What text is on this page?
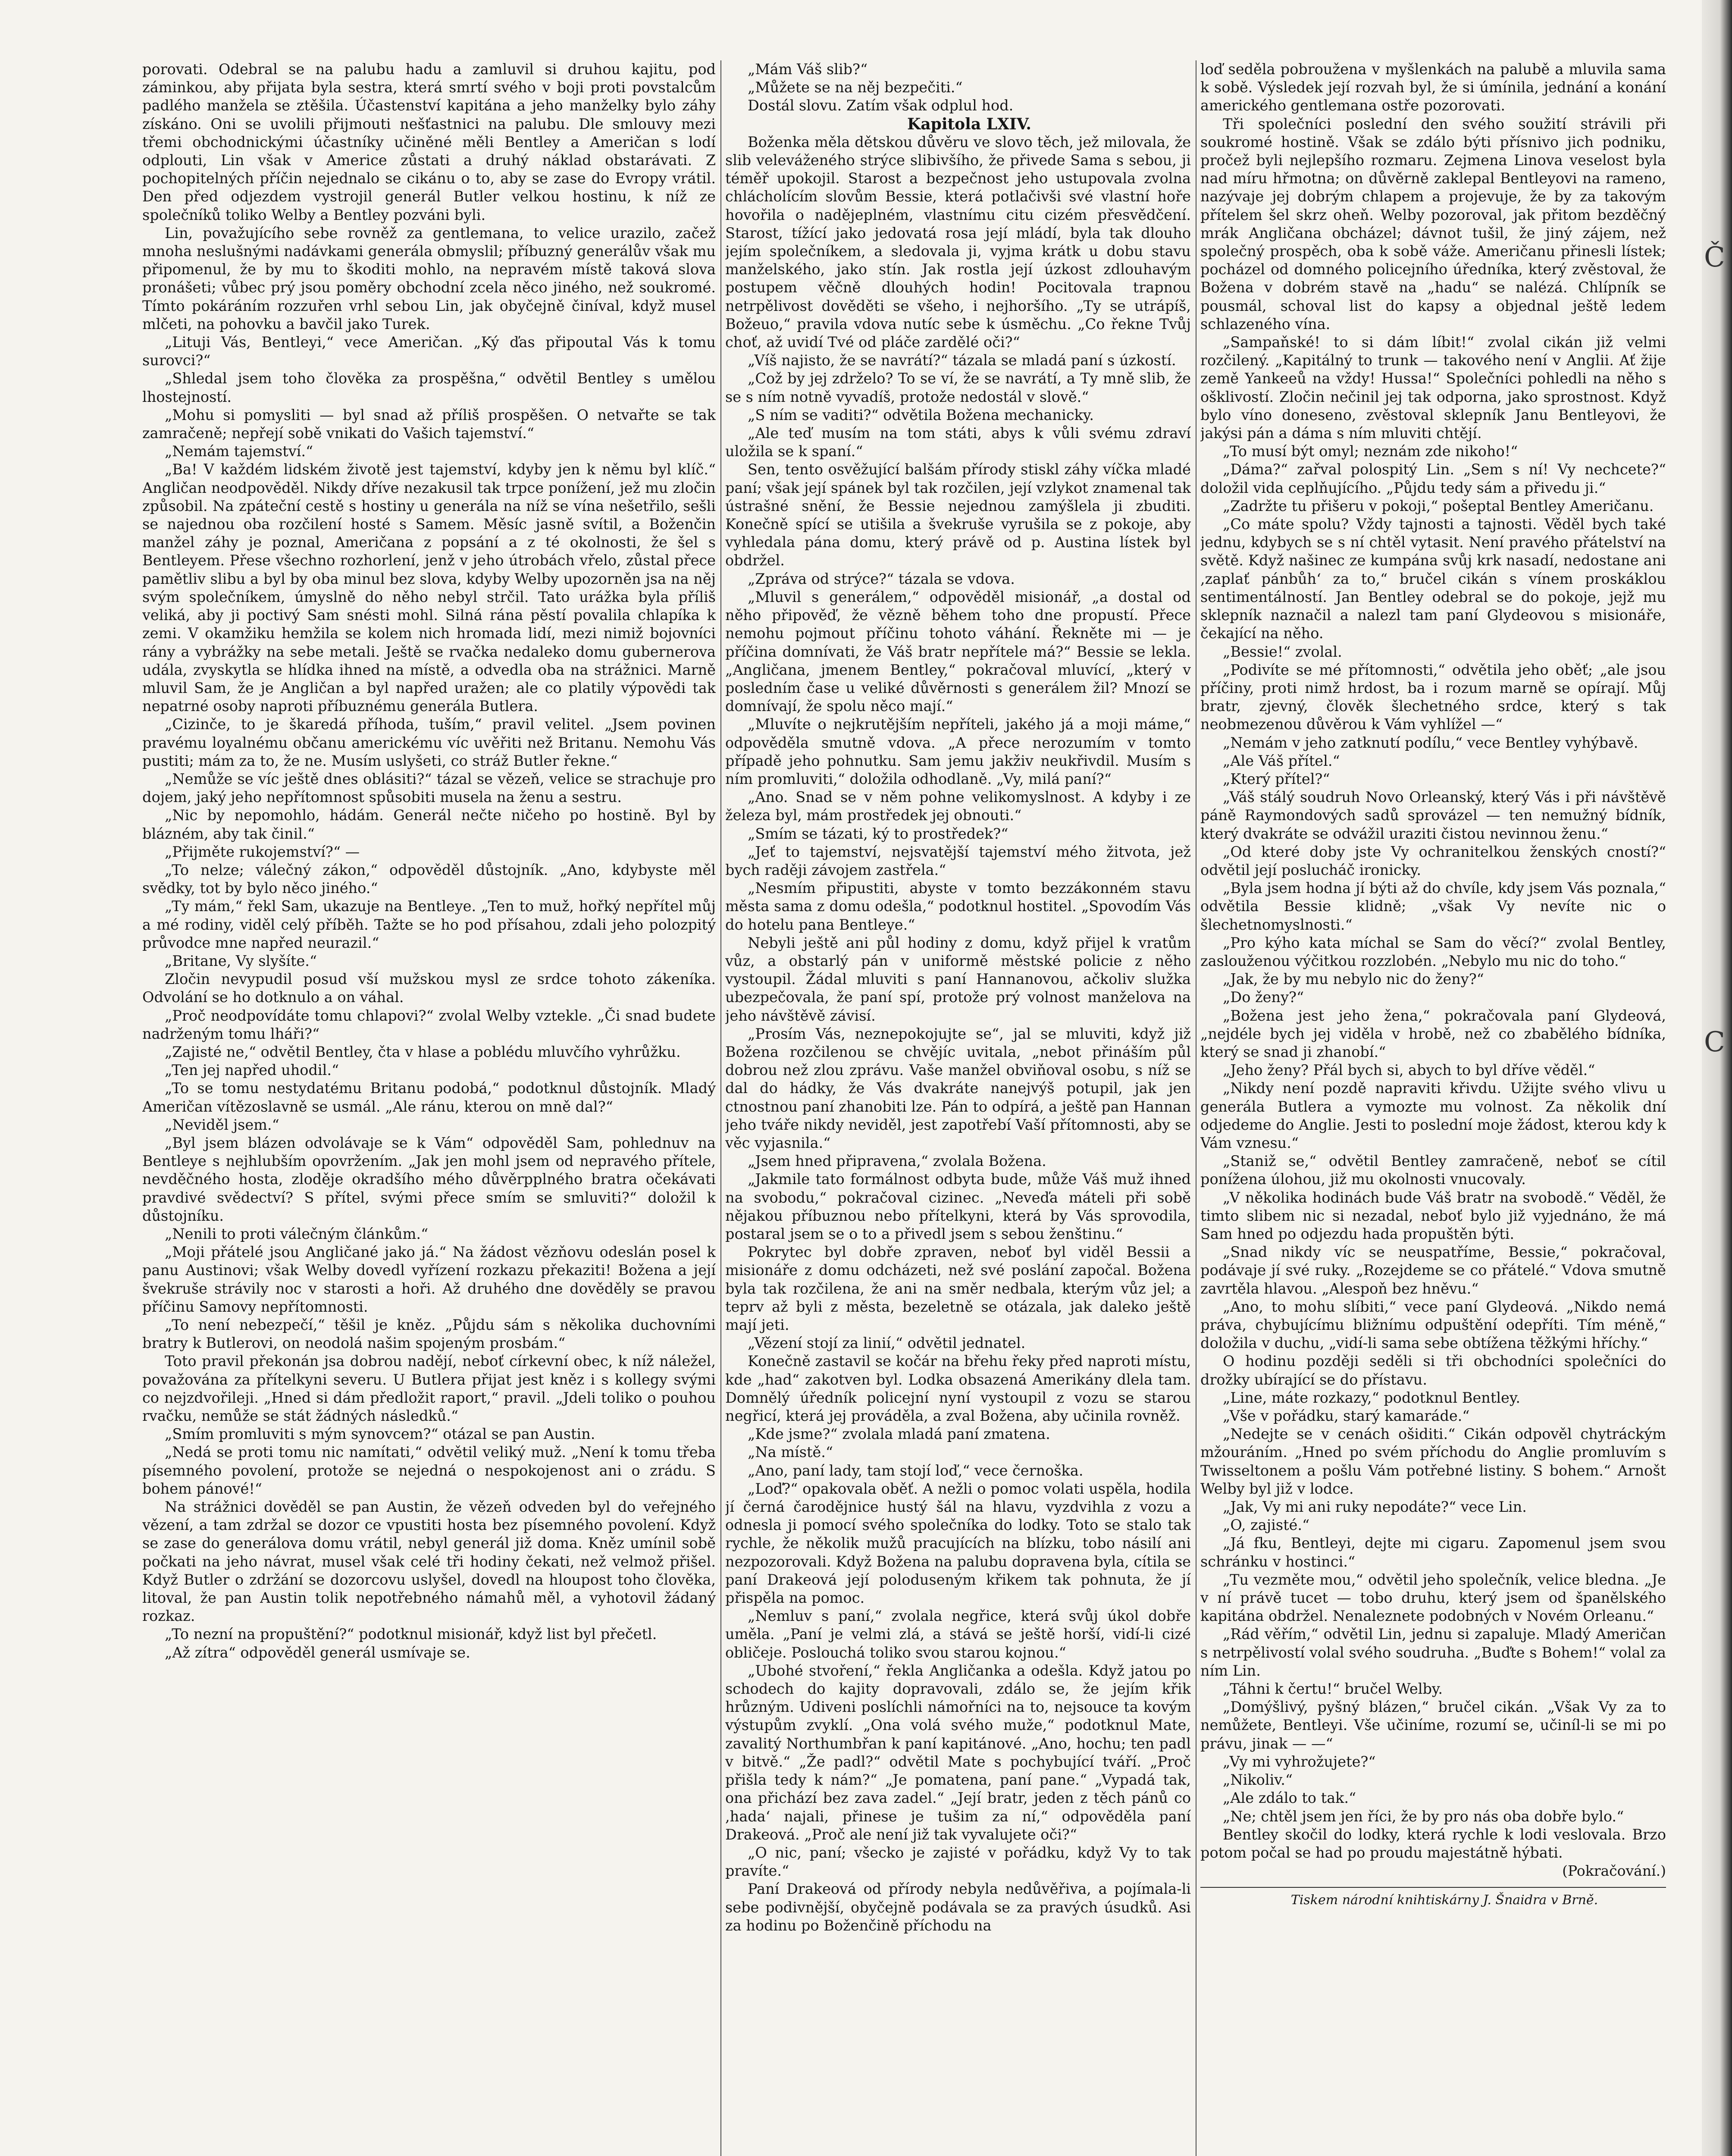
porovati. Odebral se na palubu hadu a zamluvil si druhou kajitu, pod záminkou, aby přijata byla sestra, která smrtí svého v boji proti povstalcům padlého manžela se ztěšila. Účastenství kapitána a jeho manželky bylo záhy získáno. Oni se uvolili přijmouti nešťastnici na palubu. Dle smlouvy mezi třemi obchodnickými účastníky učiněné měli Bentley a Američan s lodí odplouti, Lin však v Americe zůstati a druhý náklad obstarávati. Z pochopitelných příčin nejednalo se cikánu o to, aby se zase do Evropy vrátil. Den před odjezdem vystrojil generál Butler velkou hostinu, k níž ze společníků toliko Welby a Bentley pozváni byli.

Lin, považujícího sebe rovněž za gentlemana, to velice urazilo, začež mnoha neslušnými nadávkami generála obmyslil; příbuzný generálův však mu připomenul, že by mu to škoditi mohlo, na nepravém místě taková slova pronášeti; vůbec prý jsou poměry obchodní zcela něco jiného, než soukromé. Tímto pokáráním rozzuřen vrhl sebou Lin, jak obyčejně činíval, když musel mlčeti, na pohovku a bavčil jako Turek.

„Lituji Vás, Bentleyi,“ vece Američan. „Ký ďas připoutal Vás k tomu surovci?“

„Shledal jsem toho člověka za prospěšna,“ odvětil Bentley s umělou lhostejností.

„Mohu si pomysliti — byl snad až příliš prospěšen. O netvařte se tak zamračeně; nepřejí sobě vnikati do Vašich tajemství.“

„Nemám tajemství.“

„Ba! V každém lidském životě jest tajemství, kdyby jen k němu byl klíč.“ Angličan neodpověděl. Nikdy dříve nezakusil tak trpce ponížení, jež mu zločin způsobil. Na zpáteční cestě s hostiny u generála na níž se vína nešetřilo, sešli se najednou oba rozčilení hosté s Samem. Měsíc jasně svítil, a Boženčin manžel záhy je poznal, Američana z popsání a z té okolnosti, že šel s Bentleyem. Přese všechno rozhorlení, jenž v jeho útrobách vřelo, zůstal přece pamětliv slibu a byl by oba minul bez slova, kdyby Welby upozorněn jsa na něj svým společníkem, úmyslně do něho nebyl strčil. Tato urážka byla příliš veliká, aby ji poctivý Sam snésti mohl. Silná rána pěstí povalila chlapíka k zemi. V okamžiku hemžila se kolem nich hromada lidí, mezi nimiž bojovníci rány a vybrážky na sebe metali. Ještě se rvačka nedaleko domu gubernerova udála, zvyskytla se hlídka ihned na místě, a odvedla oba na strážnici. Marně mluvil Sam, že je Angličan a byl napřed uražen; ale co platily výpovědi tak nepatrné osoby naproti příbuznému generála Butlera.

„Cizinče, to je škaredá příhoda, tuším,“ pravil velitel. „Jsem povinen pravému loyalnému občanu americkému víc uvěřiti než Britanu. Nemohu Vás pustiti; mám za to, že ne. Musím uslyšeti, co stráž Butler řekne.“

„Nemůže se víc ještě dnes oblásiti?“ tázal se vězeň, velice se strachuje pro dojem, jaký jeho nepřítomnost spůsobiti musela na ženu a sestru.

„Nic by nepomohlo, hádám. Generál nečte ničeho po hostině. Byl by blázném, aby tak činil.“

„Přijměte rukojemství?“ —

„To nelze; válečný zákon,“ odpověděl důstojník. „Ano, kdybyste měl svědky, tot by bylo něco jiného.“

„Ty mám,“ řekl Sam, ukazuje na Bentleye. „Ten to muž, hořký nepřítel můj a mé rodiny, viděl celý příběh. Tažte se ho pod přísahou, zdali jeho polozpitý průvodce mne napřed neurazil.“

„Britane, Vy slyšíte.“

Zločin nevypudil posud vší mužskou mysl ze srdce tohoto zákeníka. Odvolání se ho dotknulo a on váhal.

„Proč neodpovídáte tomu chlapovi?“ zvolal Welby vztekle. „Či snad budete nadrženým tomu lháři?“

„Zajisté ne,“ odvětil Bentley, čta v hlase a poblédu mluvčího vyhrůžku.

„Ten jej napřed uhodil.“

„To se tomu nestydatému Britanu podobá,“ podotknul důstojník. Mladý Američan vítězoslavně se usmál. „Ale ránu, kterou on mně dal?“

„Neviděl jsem.“

„Byl jsem blázen odvolávaje se k Vám“ odpověděl Sam, pohlednuv na Bentleye s nejhlubším opovržením. „Jak jen mohl jsem od nepravého přítele, nevděčného hosta, zloděje okradšího mého důvěrpplného bratra očekávati pravdivé svědectví? S přítel, svými přece smím se smluviti?“ doložil k důstojníku.

„Nenili to proti válečným článkům.“

„Moji přátelé jsou Angličané jako já.“ Na žádost vězňovu odeslán posel k panu Austinovi; však Welby dovedl vyřízení rozkazu překaziti! Božena a její švekruše strávily noc v starosti a hoři. Až druhého dne dověděly se pravou příčinu Samovy nepřítomnosti.

„To není nebezpečí,“ těšil je kněz. „Půjdu sám s několika duchovními bratry k Butlerovi, on neodolá našim spojeným prosbám.“

Toto pravil překonán jsa dobrou nadějí, neboť církevní obec, k níž náležel, považována za přítelkyni severu. U Butlera přijat jest kněz i s kollegy svými co nejzdvořileji. „Hned si dám předložit raport,“ pravil. „Jdeli toliko o pouhou rvačku, nemůže se stát žádných následků.“

„Smím promluviti s mým synovcem?“ otázal se pan Austin.

„Nedá se proti tomu nic namítati,“ odvětil veliký muž. „Není k tomu třeba písemného povolení, protože se nejedná o nespokojenost ani o zrádu. S bohem pánové!“

Na strážnici dověděl se pan Austin, že vězeň odveden byl do veřejného vězení, a tam zdržal se dozor ce vpustiti hosta bez písemného povolení. Když se zase do generálova domu vrátil, nebyl generál již doma. Kněz umínil sobě počkati na jeho návrat, musel však celé tři hodiny čekati, než velmož přišel. Když Butler o zdržání se dozorcovu uslyšel, dovedl na hloupost toho člověka, litoval, že pan Austin tolik nepotřebného námahů měl, a vyhotovil žádaný rozkaz.

„To nezní na propuštění?“ podotknul misionář, když list byl přečetl.

„Až zítra“ odpověděl generál usmívaje se.

„Mám Váš slib?“

„Můžete se na něj bezpečiti.“

Dostál slovu. Zatím však odplul hod.

Kapitola LXIV.

Boženka měla dětskou důvěru ve slovo těch, jež milovala, že slib veleváženého strýce slibivšího, že přivede Sama s sebou, ji téměř upokojil. Starost a bezpečnost jeho ustupovala zvolna chlácholícím slovům Bessie, která potlačivši své vlastní hoře hovořila o nadějeplném, vlastnímu citu cizém přesvědčení. Starost, tížící jako jedovatá rosa její mládí, byla tak dlouho jejím společníkem, a sledovala ji, vyjma krátk u dobu stavu manželského, jako stín. Jak rostla její úzkost zdlouhavým postupem věčně dlouhých hodin! Pocitovala trapnou netrpělivost dověděti se všeho, i nejhoršího. „Ty se utrápíš, Božeuo,“ pravila vdova nutíc sebe k úsměchu. „Co řekne Tvůj choť, až uvidí Tvé od pláče zardělé oči?“

„Víš najisto, že se navrátí?“ tázala se mladá paní s úzkostí.

„Což by jej zdrželo? To se ví, že se navrátí, a Ty mně slib, že se s ním notně vyvadíš, protože nedostál v slově.“

„S ním se vaditi?“ odvětila Božena mechanicky.

„Ale teď musím na tom státi, abys k vůli svému zdraví uložila se k spaní.“

Sen, tento osvěžující balšám přírody stiskl záhy víčka mladé paní; však její spánek byl tak rozčilen, její vzlykot znamenal tak ústrašné snění, že Bessie nejednou zamýšlela ji zbuditi. Konečně spící se utišila a švekruše vyrušila se z pokoje, aby vyhledala pána domu, který právě od p. Austina lístek byl obdržel.

„Zpráva od strýce?“ tázala se vdova.

„Mluvil s generálem,“ odpověděl misionář, „a dostal od něho připověď, že vězně během toho dne propustí. Přece nemohu pojmout příčinu tohoto váhání. Řekněte mi — je příčina domnívati, že Váš bratr nepřítele má?“ Bessie se lekla. „Angličana, jmenem Bentley,“ pokračoval mluvící, „který v posledním čase u veliké důvěrnosti s generálem žil? Mnozí se domnívají, že spolu něco mají.“

„Mluvíte o nejkrutějším nepříteli, jakého já a moji máme,“ odpověděla smutně vdova. „A přece nerozumím v tomto případě jeho pohnutku. Sam jemu jakživ neukřivdil. Musím s ním promluviti,“ doložila odhodlaně. „Vy, milá paní?“

„Ano. Snad se v něm pohne velikomyslnost. A kdyby i ze železa byl, mám prostředek jej obnouti.“

„Smím se tázati, ký to prostředek?“

„Jeť to tajemství, nejsvatější tajemství mého žitvota, jež bych raději závojem zastřela.“

„Nesmím připustiti, abyste v tomto bezzákonném stavu města sama z domu odešla,“ podotknul hostitel. „Spovodím Vás do hotelu pana Bentleye.“

Nebyli ještě ani půl hodiny z domu, když přijel k vratům vůz, a obstarlý pán v uniformě městské policie z něho vystoupil. Žádal mluviti s paní Hannanovou, ačkoliv služka ubezpečovala, že paní spí, protože prý volnost manželova na jeho návštěvě závisí.

„Prosím Vás, neznepokojujte se“, jal se mluviti, když již Božena rozčilenou se chvějíc uvitala, „nebot přináším půl dobrou než zlou zprávu. Vaše manžel obviňoval osobu, s níž se dal do hádky, že Vás dvakráte nanejvýš potupil, jak jen ctnostnou paní zhanobiti lze. Pán to odpírá, a ještě pan Hannan jeho tváře nikdy neviděl, jest zapotřebí Vaší přítomnosti, aby se věc vyjasnila.“

„Jsem hned připravena,“ zvolala Božena.

„Jakmile tato formálnost odbyta bude, může Váš muž ihned na svobodu,“ pokračoval cizinec. „Neveďa máteli při sobě nějakou příbuznou nebo přítelkyni, která by Vás sprovodila, postaral jsem se o to a přivedl jsem s sebou ženštinu.“

Pokrytec byl dobře zpraven, neboť byl viděl Bessii a misionáře z domu odcházeti, než své poslání započal. Božena byla tak rozčilena, že ani na směr nedbala, kterým vůz jel; a teprv až byli z města, bezeletně se otázala, jak daleko ještě mají jeti.

„Vězení stojí za linií,“ odvětil jednatel.

Konečně zastavil se kočár na břehu řeky před naproti místu, kde „had“ zakotven byl. Lodka obsazená Amerikány dlela tam. Domnělý úředník policejní nyní vystoupil z vozu se starou negřicí, která jej prováděla, a zval Božena, aby učinila rovněž.

„Kde jsme?“ zvolala mladá paní zmatena.

„Na místě.“

„Ano, paní lady, tam stojí loď,“ vece černoška.

„Loď?“ opakovala oběť. A nežli o pomoc volati uspěla, hodila jí černá čarodějnice hustý šál na hlavu, vyzdvihla z vozu a odnesla ji pomocí svého společníka do lodky. Toto se stalo tak rychle, že několik mužů pracujících na blízku, tobo násilí ani nezpozorovali. Když Božena na palubu dopravena byla, cítila se paní Drakeová její poloduseným křikem tak pohnuta, že jí přispěla na pomoc.

„Nemluv s paní,“ zvolala negřice, která svůj úkol dobře uměla. „Paní je velmi zlá, a stává se ještě horší, vidí-li cizé obličeje. Poslouchá toliko svou starou kojnou.“

„Ubohé stvoření,“ řekla Angličanka a odešla. Když jatou po schodech do kajity dopravovali, zdálo se, že jejím křik hrůzným. Udiveni poslíchli námořníci na to, nejsouce ta kovým výstupům zvyklí. „Ona volá svého muže,“ podotknul Mate, zavalitý Northumbřan k paní kapitánové. „Ano, hochu; ten padl v bitvě.“ „Že padl?“ odvětil Mate s pochybující tváří. „Proč přišla tedy k nám?“ „Je pomatena, paní pane.“ „Vypadá tak, ona přichází bez zava zadel.“ „Její bratr, jeden z těch pánů co ,hada‘ najali, přinese je tušim za ní,“ odpověděla paní Drakeová. „Proč ale není již tak vyvalujete oči?“

„O nic, paní; všecko je zajisté v pořádku, když Vy to tak pravíte.“

Paní Drakeová od přírody nebyla nedůvěřiva, a pojímala-li sebe podivnější, obyčejně podávala se za pravých úsudků. Asi za hodinu po Boženčině příchodu na

loď seděla pobroužena v myšlenkách na palubě a mluvila sama k sobě. Výsledek její rozvah byl, že si úmínila, jednání a konání amerického gentlemana ostře pozorovati.

Tři společníci poslední den svého soužití strávili při soukromé hostině. Však se zdálo býti přísnivo jich podniku, pročež byli nejlepšího rozmaru. Zejmena Linova veselost byla nad míru hřmotna; on důvěrně zaklepal Bentleyovi na rameno, nazývaje jej dobrým chlapem a projevuje, že by za takovým přítelem šel skrz oheň. Welby pozoroval, jak přitom bezděčný mrák Angličana obcházel; dávnot tušil, že jiný zájem, než společný prospěch, oba k sobě váže. Američanu přinesli lístek; pocházel od domného policejního úředníka, který zvěstoval, že Božena v dobrém stavě na „hadu“ se nalézá. Chlípník se pousmál, schoval list do kapsy a objednal ještě ledem schlazeného vína.

„Sampaňské! to si dám líbit!“ zvolal cikán již velmi rozčilený. „Kapitálný to trunk — takového není v Anglii. Ať žije země Yankeeů na vždy! Hussa!“ Společníci pohledli na něho s ošklivostí. Zločin nečinil jej tak odporna, jako sprostnost. Když bylo víno doneseno, zvěstoval sklepník Janu Bentleyovi, že jakýsi pán a dáma s ním mluviti chtějí.

„To musí být omyl; neznám zde nikoho!“

„Dáma?“ zařval polospitý Lin. „Sem s ní! Vy nechcete?“ doložil vida ceplňujícího. „Půjdu tedy sám a přivedu ji.“

„Zadržte tu přišeru v pokoji,“ pošeptal Bentley Američanu.

„Co máte spolu? Vždy tajnosti a tajnosti. Věděl bych také jednu, kdybych se s ní chtěl vytasit. Není pravého přátelství na světě. Když našinec ze kumpána svůj krk nasadí, nedostane ani ,zaplať pánbůh‘ za to,“ bručel cikán s vínem proskáklou sentimentálností. Jan Bentley odebral se do pokoje, jejž mu sklepník naznačil a nalezl tam paní Glydeovou s misionáře, čekající na něho.

„Bessie!“ zvolal.

„Podivíte se mé přítomnosti,“ odvětila jeho oběť; „ale jsou příčiny, proti nimž hrdost, ba i rozum marně se opírají. Můj bratr, zjevný, člověk šlechetného srdce, který s tak neobmezenou důvěrou k Vám vyhlížel —“

„Nemám v jeho zatknutí podílu,“ vece Bentley vyhýbavě.

„Ale Váš přítel.“

„Který přítel?“

„Váš stálý soudruh Novo Orleanský, který Vás i při návštěvě páně Raymondových sadů sprovázel — ten nemužný bídník, který dvakráte se odvážil uraziti čistou nevinnou ženu.“

„Od které doby jste Vy ochranitelkou ženských cností?“ odvětil její poslucháč ironicky.

„Byla jsem hodna jí býti až do chvíle, kdy jsem Vás poznala,“ odvětila Bessie klidně; „však Vy nevíte nic o šlechetnomyslnosti.“

„Pro kýho kata míchal se Sam do věcí?“ zvolal Bentley, zaslouženou výčitkou rozzlobén. „Nebylo mu nic do toho.“

„Jak, že by mu nebylo nic do ženy?“

„Do ženy?“

„Božena jest jeho žena,“ pokračovala paní Glydeová, „nejdéle bych jej viděla v hrobě, než co zbabělého bídníka, který se snad ji zhanobí.“

„Jeho ženy? Přál bych si, abych to byl dříve věděl.“

„Nikdy není pozdě napraviti křivdu. Užijte svého vlivu u generála Butlera a vymozte mu volnost. Za několik dní odjedeme do Anglie. Jesti to poslední moje žádost, kterou kdy k Vám vznesu.“

„Staniž se,“ odvětil Bentley zamračeně, neboť se cítil ponížena úlohou, již mu okolnosti vnucovaly.

„V několika hodinách bude Váš bratr na svobodě.“ Věděl, že timto slibem nic si nezadal, neboť bylo již vyjednáno, že má Sam hned po odjezdu hada propuštěn býti.

„Snad nikdy víc se neuspatříme, Bessie,“ pokračoval, podávaje jí své ruky. „Rozejdeme se co přátelé.“ Vdova smutně zavrtěla hlavou. „Alespoň bez hněvu.“

„Ano, to mohu slíbiti,“ vece paní Glydeová. „Nikdo nemá práva, chybujícímu bližnímu odpuštění odepříti. Tím méně,“ doložila v duchu, „vidí-li sama sebe obtížena těžkými hříchy.“

O hodinu později seděli si tři obchodníci společníci do drožky ubírající se do přístavu.

„Line, máte rozkazy,“ podotknul Bentley.

„Vše v pořádku, starý kamaráde.“

„Nedejte se v cenách ošiditi.“ Cikán odpověl chytráckým mžouráním. „Hned po svém příchodu do Anglie promluvím s Twisseltonem a pošlu Vám potřebné listiny. S bohem.“ Arnošt Welby byl již v lodce.

„Jak, Vy mi ani ruky nepodáte?“ vece Lin.

„O, zajisté.“

„Já fku, Bentleyi, dejte mi cigaru. Zapomenul jsem svou schránku v hostinci.“

„Tu vezměte mou,“ odvětil jeho společník, velice bledna. „Je v ní právě tucet — tobo druhu, který jsem od španělského kapitána obdržel. Nenaleznete podobných v Novém Orleanu.“

„Rád věřím,“ odvětil Lin, jednu si zapaluje. Mladý Američan s netrpělivostí volal svého soudruha. „Buďte s Bohem!“ volal za ním Lin.

„Táhni k čertu!“ bručel Welby.

„Domýšlivý, pyšný blázen,“ bručel cikán. „Však Vy za to nemůžete, Bentleyi. Vše učiníme, rozumí se, učiníl-li se mi po právu, jinak — —“

„Vy mi vyhrožujete?“

„Nikoliv.“

„Ale zdálo to tak.“

„Ne; chtěl jsem jen říci, že by pro nás oba dobře bylo.“

Bentley skočil do lodky, která rychle k lodi veslovala. Brzo potom počal se had po proudu majestátně hýbati.

(Pokračování.)

Tiskem národní knihtiskárny J. Šnaidra v Brně.

Č
C
